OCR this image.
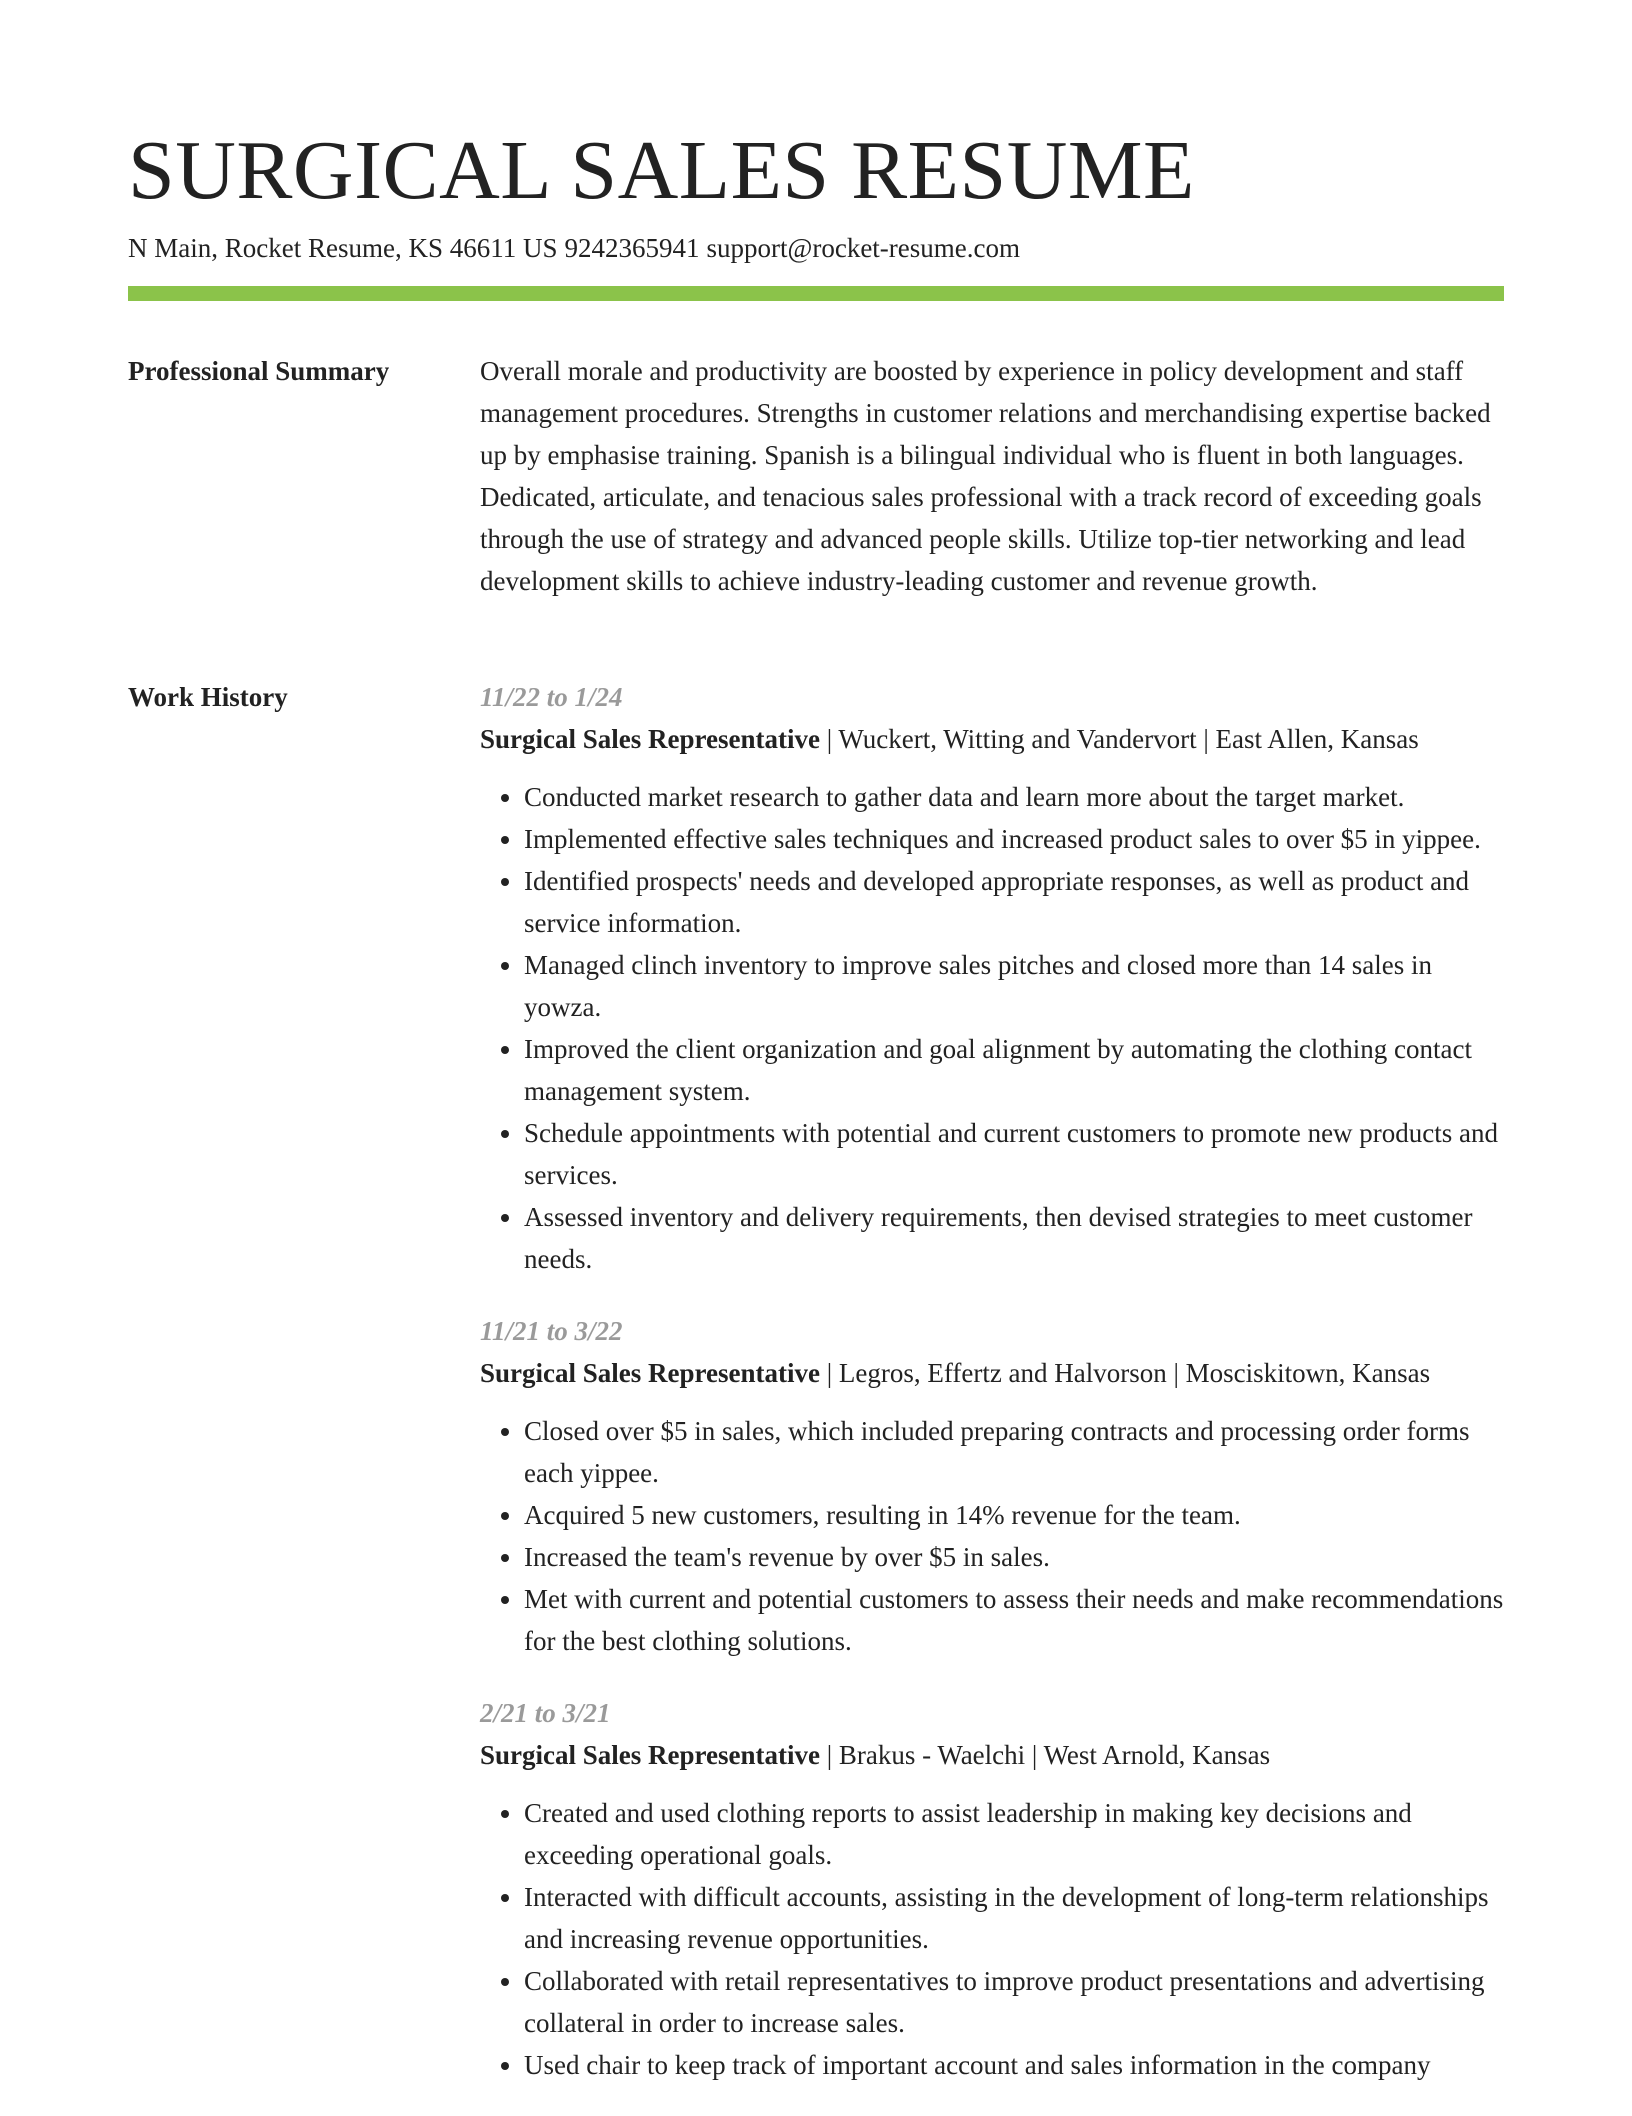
SURGICAL SALES RESUME
N Main, Rocket Resume, KS 46611 US 9242365941 support@rocket-resume.com
Professional Summary	Overall morale and productivity are boosted by experience in policy development and staff management procedures. Strengths in customer relations and merchandising expertise backed up by emphasise training. Spanish is a bilingual individual who is fluent in both languages. Dedicated, articulate, and tenacious sales professional with a track record of exceeding goals through the use of strategy and advanced people skills. Utilize top-tier networking and lead development skills to achieve industry-leading customer and revenue growth.

Work History	11/22 to 1/24
Surgical Sales Representative | Wuckert, Witting and Vandervort | East Allen, Kansas
• Conducted market research to gather data and learn more about the target market.
• Implemented effective sales techniques and increased product sales to over $5 in yippee.
• Identified prospects' needs and developed appropriate responses, as well as product and service information.
• Managed clinch inventory to improve sales pitches and closed more than 14 sales in yowza.
• Improved the client organization and goal alignment by automating the clothing contact management system.
• Schedule appointments with potential and current customers to promote new products and services.
• Assessed inventory and delivery requirements, then devised strategies to meet customer needs.
11/21 to 3/22
Surgical Sales Representative | Legros, Effertz and Halvorson | Mosciskitown, Kansas
• Closed over $5 in sales, which included preparing contracts and processing order forms each yippee.
• Acquired 5 new customers, resulting in 14% revenue for the team.
• Increased the team's revenue by over $5 in sales.
• Met with current and potential customers to assess their needs and make recommendations for the best clothing solutions.
2/21 to 3/21
Surgical Sales Representative | Brakus - Waelchi | West Arnold, Kansas
• Created and used clothing reports to assist leadership in making key decisions and exceeding operational goals.
• Interacted with difficult accounts, assisting in the development of long-term relationships and increasing revenue opportunities.
• Collaborated with retail representatives to improve product presentations and advertising collateral in order to increase sales.
• Used chair to keep track of important account and sales information in the company
